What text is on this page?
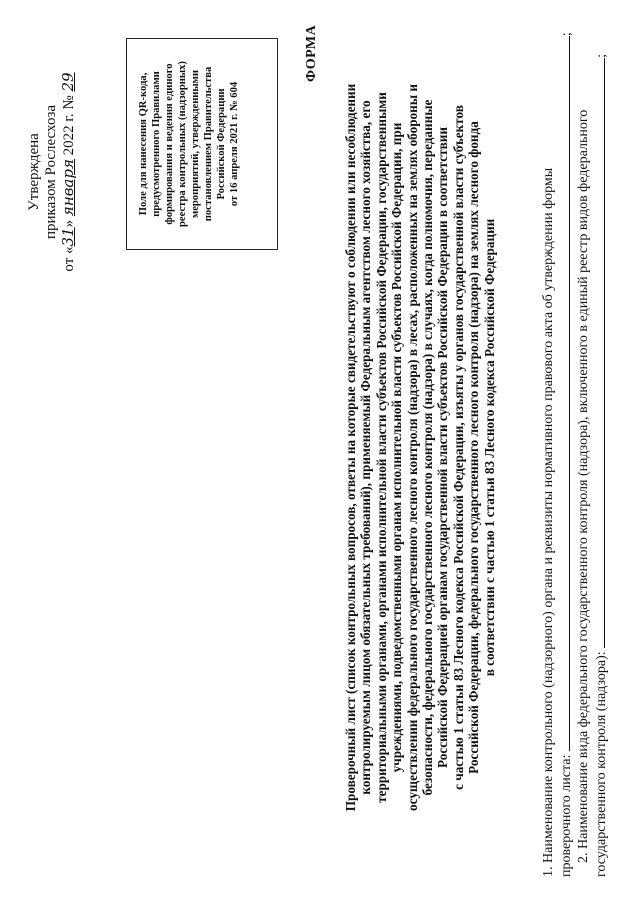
Утверждена приказом Рослесхоза
от «31» января 2022 г. № 29	Поле для нанесения QR-кода, предусмотренного Правилами формирования и ведения единого реестра контрольных (надзорных) мероприятий, утвержденными постановлением Правительства Российской Федерации от 16 апреля 2021 г. № 604
ФОРМА
Проверочный лист (список контрольных вопросов, ответы на которые свидетельствуют о соблюдении или несоблюдении контролируемым лицом обязательных требований), применяемый Федеральным агентством лесного хозяйства, его территориальными органами, органами исполнительной власти субъектов Российской Федерации, государственными учреждениями, подведомственными органам исполнительной власти субъектов Российской Федерации, при осуществлении федерального государственного лесного контроля (надзора) в лесах, расположенных на землях обороны и безопасности, федерального государственного лесного контроля (надзора) в случаях, когда полномочия, переданные Российской Федерацией органам государственной власти субъектов Российской Федерации в соответствии с частью 1 статьи 83 Лесного кодекса Российской Федерации, изъяты у органов государственной власти субъектов Российской Федерации, федерального государственного лесного контроля (надзора) на землях лесного фонда в соответствии с частью 1 статьи 83 Лесного кодекса Российской Федерации	1. Наименование контрольного (надзорного) органа и реквизиты нормативного правового акта об утверждении формы проверочного листа: ;
2. Наименование вида федерального государственного контроля (надзора), включенного в единый реестр видов федерального государственного контроля (надзора): ;
